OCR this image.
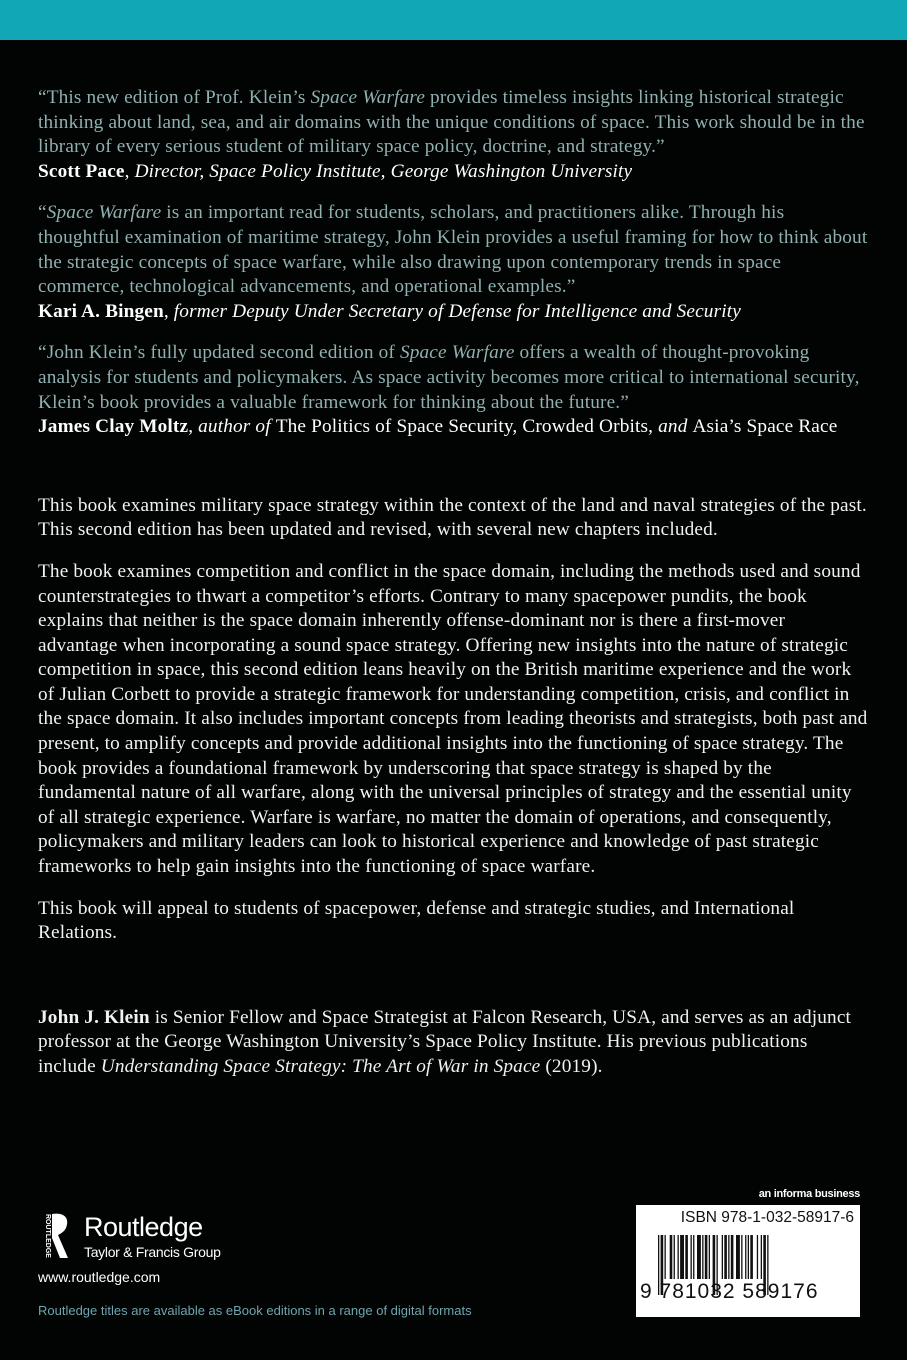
“This new edition of Prof. Klein’s Space Warfare provides timeless insights linking historical strategic thinking about land, sea, and air domains with the unique conditions of space. This work should be in the library of every serious student of military space policy, doctrine, and strategy.”
Scott Pace, Director, Space Policy Institute, George Washington University
“Space Warfare is an important read for students, scholars, and practitioners alike. Through his thoughtful examination of maritime strategy, John Klein provides a useful framing for how to think about the strategic concepts of space warfare, while also drawing upon contemporary trends in space commerce, technological advancements, and operational examples.”
Kari A. Bingen, former Deputy Under Secretary of Defense for Intelligence and Security
“John Klein’s fully updated second edition of Space Warfare offers a wealth of thought-provoking analysis for students and policymakers. As space activity becomes more critical to international security, Klein’s book provides a valuable framework for thinking about the future.”
James Clay Moltz, author of The Politics of Space Security, Crowded Orbits, and Asia’s Space Race

This book examines military space strategy within the context of the land and naval strategies of the past. This second edition has been updated and revised, with several new chapters included.

The book examines competition and conflict in the space domain, including the methods used and sound counterstrategies to thwart a competitor’s efforts. Contrary to many spacepower pundits, the book explains that neither is the space domain inherently offense-dominant nor is there a first-mover advantage when incorporating a sound space strategy. Offering new insights into the nature of strategic competition in space, this second edition leans heavily on the British maritime experience and the work of Julian Corbett to provide a strategic framework for understanding competition, crisis, and conflict in the space domain. It also includes important concepts from leading theorists and strategists, both past and present, to amplify concepts and provide additional insights into the functioning of space strategy. The book provides a foundational framework by underscoring that space strategy is shaped by the fundamental nature of all warfare, along with the universal principles of strategy and the essential unity of all strategic experience. Warfare is warfare, no matter the domain of operations, and consequently, policymakers and military leaders can look to historical experience and knowledge of past strategic frameworks to help gain insights into the functioning of space warfare.

This book will appeal to students of spacepower, defense and strategic studies, and International Relations.

John J. Klein is Senior Fellow and Space Strategist at Falcon Research, USA, and serves as an adjunct professor at the George Washington University’s Space Policy Institute. His previous publications include Understanding Space Strategy: The Art of War in Space (2019).

ROUTLEDGE Routledge
Taylor & Francis Group
www.routledge.com
Routledge titles are available as eBook editions in a range of digital formats
an informa business
ISBN 978-1-032-58917-6
9 781032 589176
